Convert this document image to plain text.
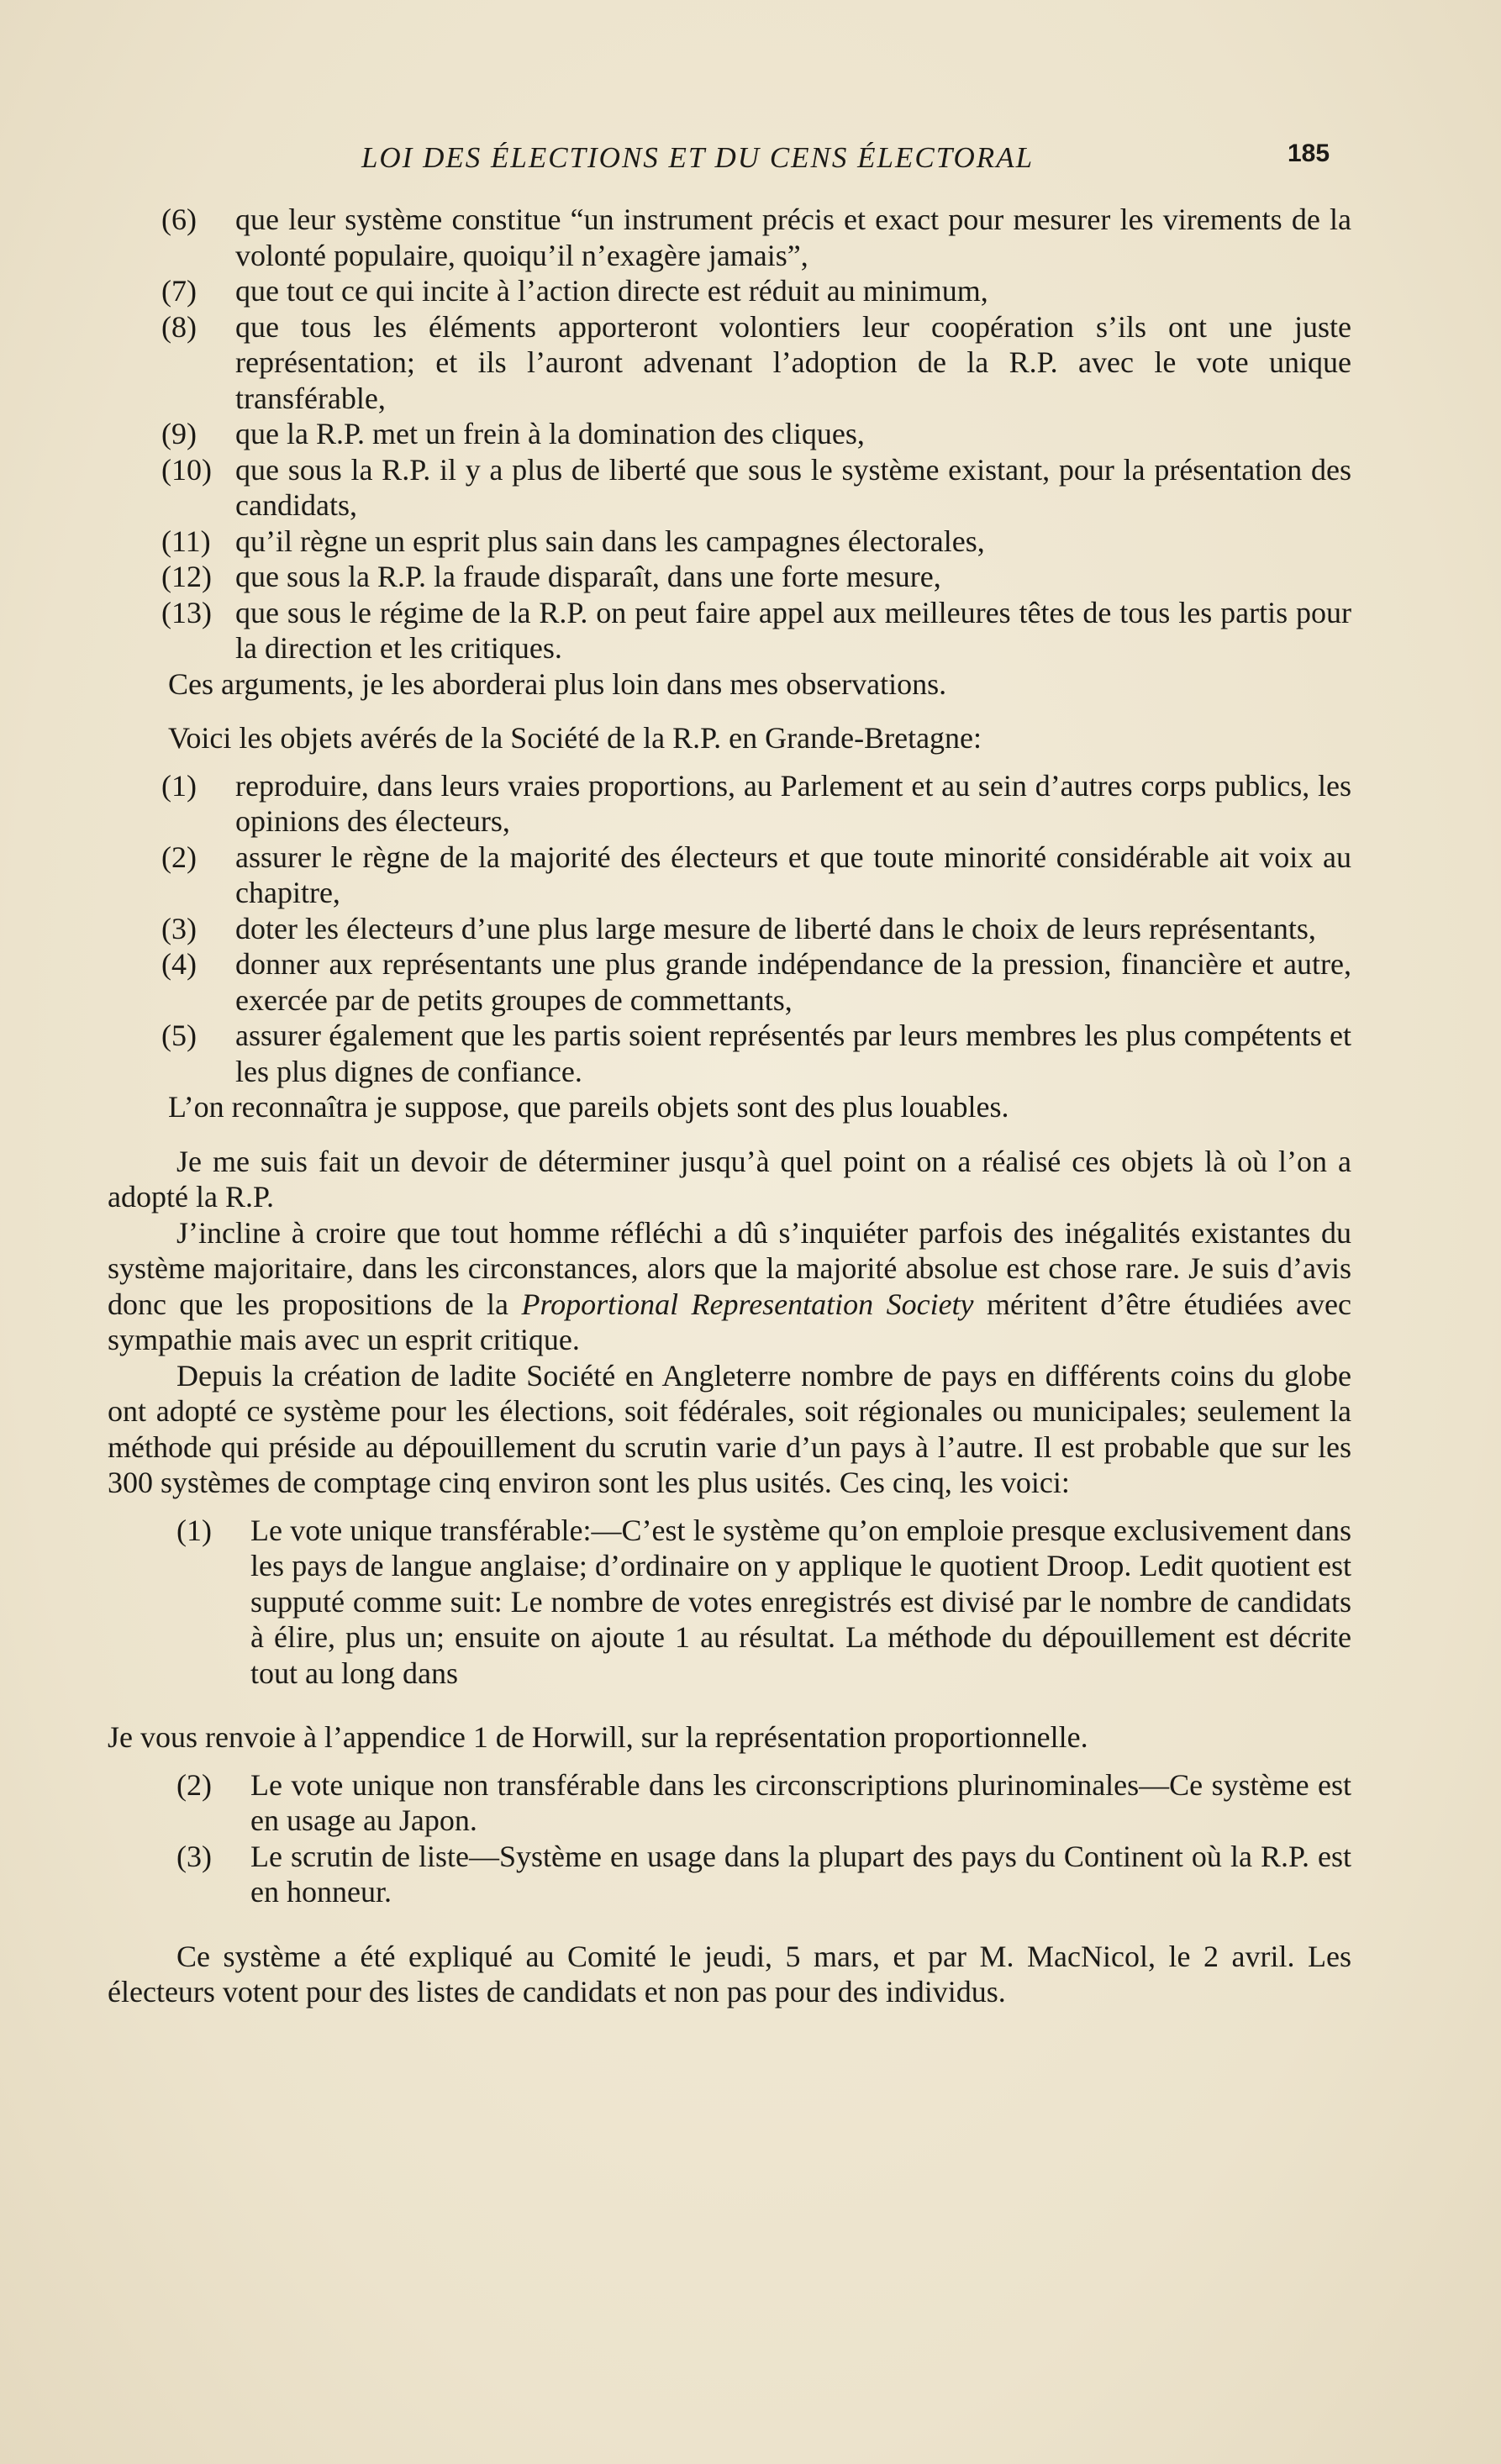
LOI DES ÉLECTIONS ET DU CENS ÉLECTORAL	185
(6) que leur système constitue “un instrument précis et exact pour mesurer les virements de la volonté populaire, quoiqu’il n’exagère jamais”,
(7) que tout ce qui incite à l’action directe est réduit au minimum,
(8) que tous les éléments apporteront volontiers leur coopération s’ils ont une juste représentation; et ils l’auront advenant l’adoption de la R.P. avec le vote unique transférable,
(9) que la R.P. met un frein à la domination des cliques,
(10) que sous la R.P. il y a plus de liberté que sous le système existant, pour la présentation des candidats,
(11) qu’il règne un esprit plus sain dans les campagnes électorales,
(12) que sous la R.P. la fraude disparaît, dans une forte mesure,
(13) que sous le régime de la R.P. on peut faire appel aux meilleures têtes de tous les partis pour la direction et les critiques.

Ces arguments, je les aborderai plus loin dans mes observations.

Voici les objets avérés de la Société de la R.P. en Grande-Bretagne:

(1) reproduire, dans leurs vraies proportions, au Parlement et au sein d’autres corps publics, les opinions des électeurs,
(2) assurer le règne de la majorité des électeurs et que toute minorité considérable ait voix au chapitre,
(3) doter les électeurs d’une plus large mesure de liberté dans le choix de leurs représentants,
(4) donner aux représentants une plus grande indépendance de la pression, financière et autre, exercée par de petits groupes de commettants,
(5) assurer également que les partis soient représentés par leurs membres les plus compétents et les plus dignes de confiance.

L’on reconnaîtra je suppose, que pareils objets sont des plus louables.

Je me suis fait un devoir de déterminer jusqu’à quel point on a réalisé ces objets là où l’on a adopté la R.P.

J’incline à croire que tout homme réfléchi a dû s’inquiéter parfois des inégalités existantes du système majoritaire, dans les circonstances, alors que la majorité absolue est chose rare. Je suis d’avis donc que les propositions de la Proportional Representation Society méritent d’être étudiées avec sympathie mais avec un esprit critique.

Depuis la création de ladite Société en Angleterre nombre de pays en différents coins du globe ont adopté ce système pour les élections, soit fédérales, soit régionales ou municipales; seulement la méthode qui préside au dépouillement du scrutin varie d’un pays à l’autre. Il est probable que sur les 300 systèmes de comptage cinq environ sont les plus usités. Ces cinq, les voici:

(1) Le vote unique transférable:—C’est le système qu’on emploie presque exclusivement dans les pays de langue anglaise; d’ordinaire on y applique le quotient Droop. Ledit quotient est supputé comme suit: Le nombre de votes enregistrés est divisé par le nombre de candidats à élire, plus un; ensuite on ajoute 1 au résultat. La méthode du dépouillement est décrite tout au long dans

Je vous renvoie à l’appendice 1 de Horwill, sur la représentation proportionnelle.

(2) Le vote unique non transférable dans les circonscriptions plurinominales—Ce système est en usage au Japon.
(3) Le scrutin de liste—Système en usage dans la plupart des pays du Continent où la R.P. est en honneur.

Ce système a été expliqué au Comité le jeudi, 5 mars, et par M. MacNicol, le 2 avril. Les électeurs votent pour des listes de candidats et non pas pour des individus.
